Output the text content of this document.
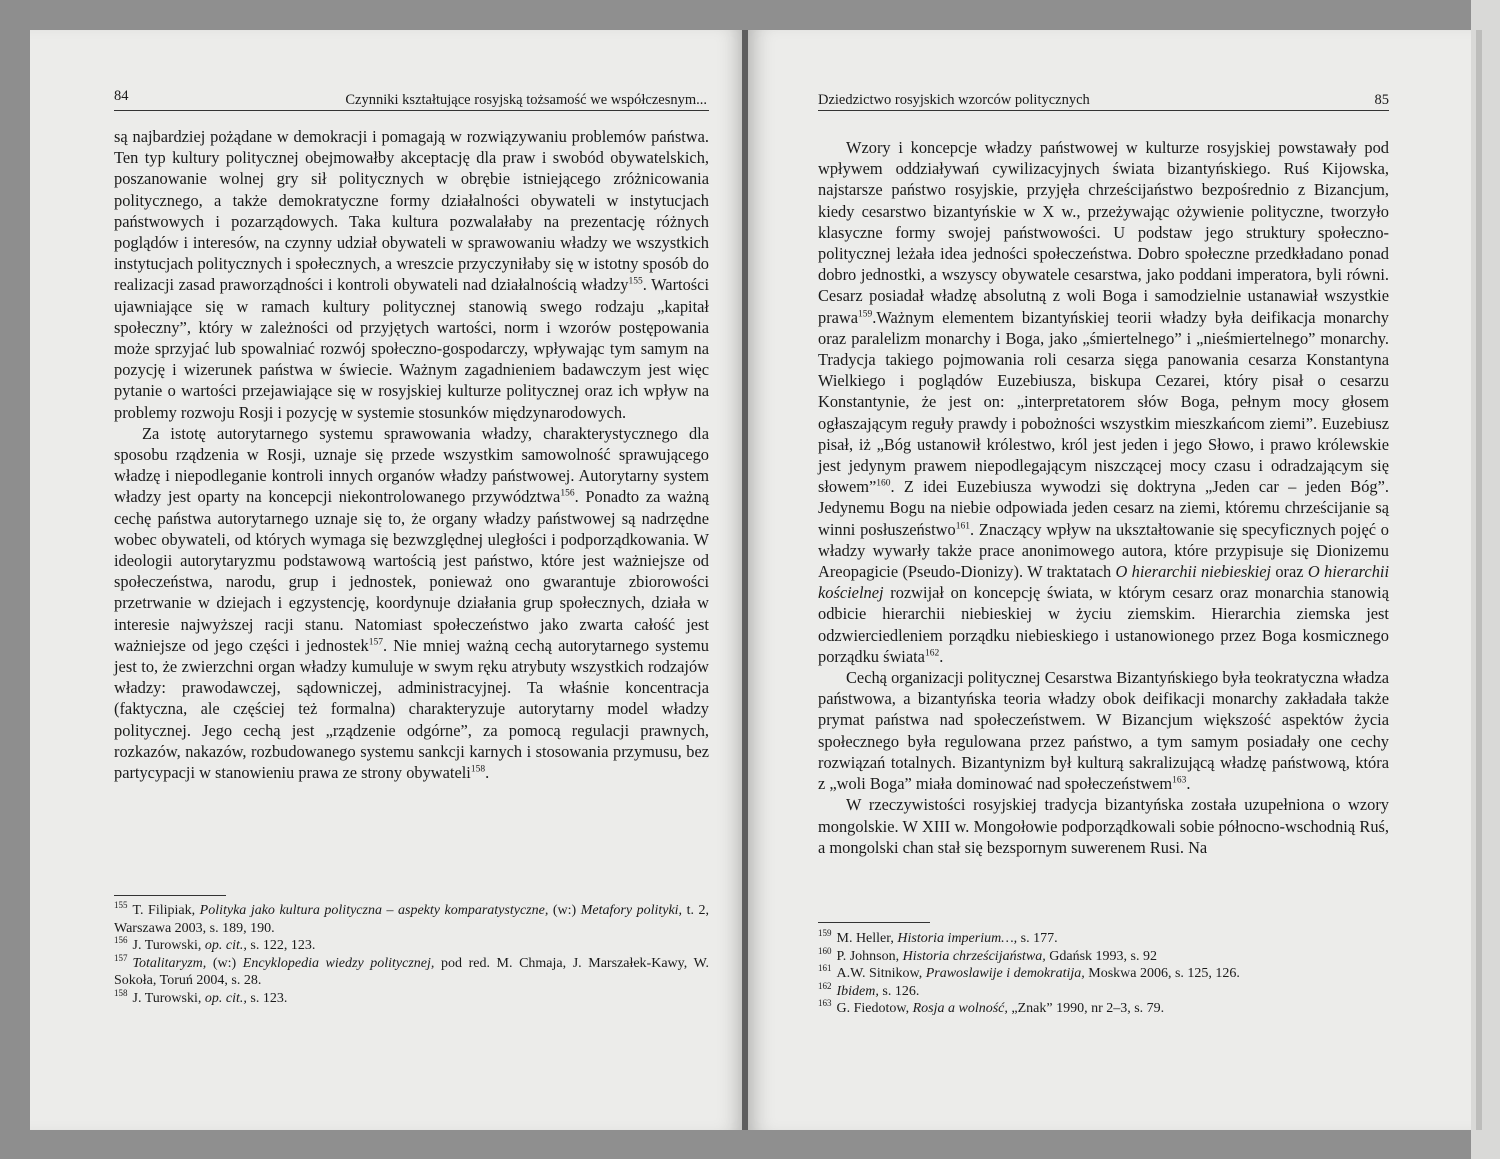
84	Czynniki kształtujące rosyjską tożsamość we współczesnym...

są najbardziej pożądane w demokracji i pomagają w rozwiązywaniu problemów państwa. Ten typ kultury politycznej obejmowałby akceptację dla praw i swobód obywatelskich, poszanowanie wolnej gry sił politycznych w obrębie istniejącego zróżnicowania politycznego, a także demokratyczne formy działalności obywateli w instytucjach państwowych i pozarządowych. Taka kultura pozwalałaby na prezentację różnych poglądów i interesów, na czynny udział obywateli w sprawowaniu władzy we wszystkich instytucjach politycznych i społecznych, a wreszcie przyczyniłaby się w istotny sposób do realizacji zasad praworządności i kontroli obywateli nad działalnością władzy$^{155}$. Wartości ujawniające się w ramach kultury politycznej stanowią swego rodzaju „kapitał społeczny”, który w zależności od przyjętych wartości, norm i wzorów postępowania może sprzyjać lub spowalniać rozwój społeczno-gospodarczy, wpływając tym samym na pozycję i wizerunek państwa w świecie. Ważnym zagadnieniem badawczym jest więc pytanie o wartości przejawiające się w rosyjskiej kulturze politycznej oraz ich wpływ na problemy rozwoju Rosji i pozycję w systemie stosunków międzynarodowych.

Za istotę autorytarnego systemu sprawowania władzy, charakterystycznego dla sposobu rządzenia w Rosji, uznaje się przede wszystkim samowolność sprawującego władzę i niepodleganie kontroli innych organów władzy państwowej. Autorytarny system władzy jest oparty na koncepcji niekontrolowanego przywództwa$^{156}$. Ponadto za ważną cechę państwa autorytarnego uznaje się to, że organy władzy państwowej są nadrzędne wobec obywateli, od których wymaga się bezwzględnej uległości i podporządkowania. W ideologii autorytaryzmu podstawową wartością jest państwo, które jest ważniejsze od społeczeństwa, narodu, grup i jednostek, ponieważ ono gwarantuje zbiorowości przetrwanie w dziejach i egzystencję, koordynuje działania grup społecznych, działa w interesie najwyższej racji stanu. Natomiast społeczeństwo jako zwarta całość jest ważniejsze od jego części i jednostek$^{157}$. Nie mniej ważną cechą autorytarnego systemu jest to, że zwierzchni organ władzy kumuluje w swym ręku atrybuty wszystkich rodzajów władzy: prawodawczej, sądowniczej, administracyjnej. Ta właśnie koncentracja (faktyczna, ale częściej też formalna) charakteryzuje autorytarny model władzy politycznej. Jego cechą jest „rządzenie odgórne”, za pomocą regulacji prawnych, rozkazów, nakazów, rozbudowanego systemu sankcji karnych i stosowania przymusu, bez partycypacji w stanowieniu prawa ze strony obywateli$^{158}$.

$^{155}$ T. Filipiak, Polityka jako kultura polityczna – aspekty komparatystyczne, (w:) Metafory polityki, t. 2, Warszawa 2003, s. 189, 190.

$^{156}$ J. Turowski, op. cit., s. 122, 123.

$^{157}$ Totalitaryzm, (w:) Encyklopedia wiedzy politycznej, pod red. M. Chmaja, J. Marszałek-Kawy, W. Sokoła, Toruń 2004, s. 28.

$^{158}$ J. Turowski, op. cit., s. 123.

Dziedzictwo rosyjskich wzorców politycznych	85

Wzory i koncepcje władzy państwowej w kulturze rosyjskiej powstawały pod wpływem oddziaływań cywilizacyjnych świata bizantyńskiego. Ruś Kijowska, najstarsze państwo rosyjskie, przyjęła chrześcijaństwo bezpośrednio z Bizancjum, kiedy cesarstwo bizantyńskie w X w., przeżywając ożywienie polityczne, tworzyło klasyczne formy swojej państwowości. U podstaw jego struktury społeczno-politycznej leżała idea jedności społeczeństwa. Dobro społeczne przedkładano ponad dobro jednostki, a wszyscy obywatele cesarstwa, jako poddani imperatora, byli równi. Cesarz posiadał władzę absolutną z woli Boga i samodzielnie ustanawiał wszystkie prawa$^{159}$.Ważnym elementem bizantyńskiej teorii władzy była deifikacja monarchy oraz paralelizm monarchy i Boga, jako „śmiertelnego” i „nieśmiertelnego” monarchy. Tradycja takiego pojmowania roli cesarza sięga panowania cesarza Konstantyna Wielkiego i poglądów Euzebiusza, biskupa Cezarei, który pisał o cesarzu Konstantynie, że jest on: „interpretatorem słów Boga, pełnym mocy głosem ogłaszającym reguły prawdy i pobożności wszystkim mieszkańcom ziemi”. Euzebiusz pisał, iż „Bóg ustanowił królestwo, król jest jeden i jego Słowo, i prawo królewskie jest jedynym prawem niepodlegającym niszczącej mocy czasu i odradzającym się słowem”$^{160}$. Z idei Euzebiusza wywodzi się doktryna „Jeden car – jeden Bóg”. Jedynemu Bogu na niebie odpowiada jeden cesarz na ziemi, któremu chrześcijanie są winni posłuszeństwo$^{161}$. Znaczący wpływ na ukształtowanie się specyficznych pojęć o władzy wywarły także prace anonimowego autora, które przypisuje się Dionizemu Areopagicie (Pseudo-Dionizy). W traktatach O hierarchii niebieskiej oraz O hierarchii kościelnej rozwijał on koncepcję świata, w którym cesarz oraz monarchia stanowią odbicie hierarchii niebieskiej w życiu ziemskim. Hierarchia ziemska jest odzwierciedleniem porządku niebieskiego i ustanowionego przez Boga kosmicznego porządku świata$^{162}$.

Cechą organizacji politycznej Cesarstwa Bizantyńskiego była teokratyczna władza państwowa, a bizantyńska teoria władzy obok deifikacji monarchy zakładała także prymat państwa nad społeczeństwem. W Bizancjum większość aspektów życia społecznego była regulowana przez państwo, a tym samym posiadały one cechy rozwiązań totalnych. Bizantynizm był kulturą sakralizującą władzę państwową, która z „woli Boga” miała dominować nad społeczeństwem$^{163}$.

W rzeczywistości rosyjskiej tradycja bizantyńska została uzupełniona o wzory mongolskie. W XIII w. Mongołowie podporządkowali sobie północno-wschodnią Ruś, a mongolski chan stał się bezspornym suwerenem Rusi. Na

$^{159}$ M. Heller, Historia imperium…, s. 177.

$^{160}$ P. Johnson, Historia chrześcijaństwa, Gdańsk 1993, s. 92

$^{161}$ A.W. Sitnikow, Prawoslawije i demokratija, Moskwa 2006, s. 125, 126.

$^{162}$ Ibidem, s. 126.

$^{163}$ G. Fiedotow, Rosja a wolność, „Znak” 1990, nr 2–3, s. 79.
